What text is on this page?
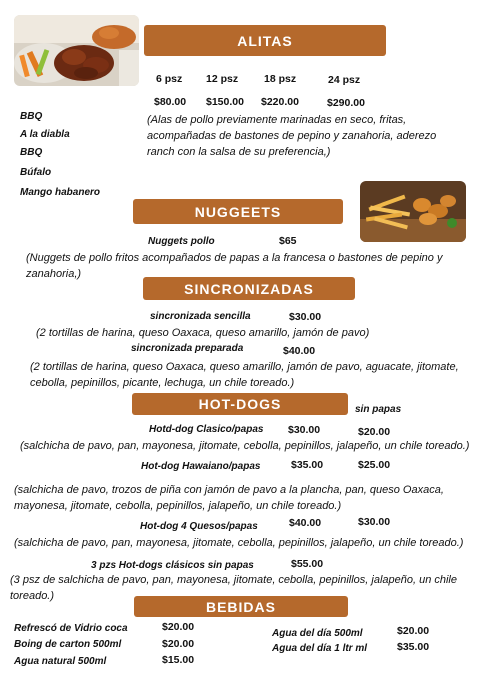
ALITAS
6 psz 12 psz 18 psz	24 psz
$80.00 $150.00 $220.00	$290.00
BBQ
A la diabla
BBQ
Búfalo
Mango habanero
(Alas de pollo previamente marinadas en seco, fritas, acompañadas de bastones de pepino y zanahoria, aderezo ranch con la salsa de su preferencia,)
NUGGEETS
Nuggets pollo	$65
(Nuggets de pollo fritos acompañados de papas a la francesa o bastones de pepino y zanahoria,)
SINCRONIZADAS
sincronizada sencilla	$30.00
(2 tortillas de harina, queso Oaxaca, queso amarillo, jamón de pavo)
sincronizada preparada	$40.00
(2 tortillas de harina, queso Oaxaca, queso amarillo, jamón de pavo, aguacate, jitomate, cebolla, pepinillos, picante, lechuga, un chile toreado.)
HOT-DOGS	sin papas
Hotd-dog Clasico/papas $30.00	$20.00
(salchicha de pavo, pan, mayonesa, jitomate, cebolla, pepinillos, jalapeño, un chile toreado.)
Hot-dog Hawaiano/papas	$35.00	$25.00
(salchicha de pavo, trozos de piña con jamón de pavo a la plancha, pan, queso Oaxaca, mayonesa, jitomate, cebolla, pepinillos, jalapeño, un chile toreado.)
Hot-dog 4 Quesos/papas	$40.00	$30.00
(salchicha de pavo, pan, mayonesa, jitomate, cebolla, pepinillos, jalapeño, un chile toreado.)
3 pzs Hot-dogs clásicos sin papas	$55.00
(3 psz de salchicha de pavo, pan, mayonesa, jitomate, cebolla, pepinillos, jalapeño, un chile toreado.)
BEBIDAS
Refrescó de Vidrio coca	$20.00
Boing de carton 500ml	$20.00
Agua natural 500ml	$15.00
Agua del día 500ml	$20.00
Agua del día 1 ltr ml	$35.00
